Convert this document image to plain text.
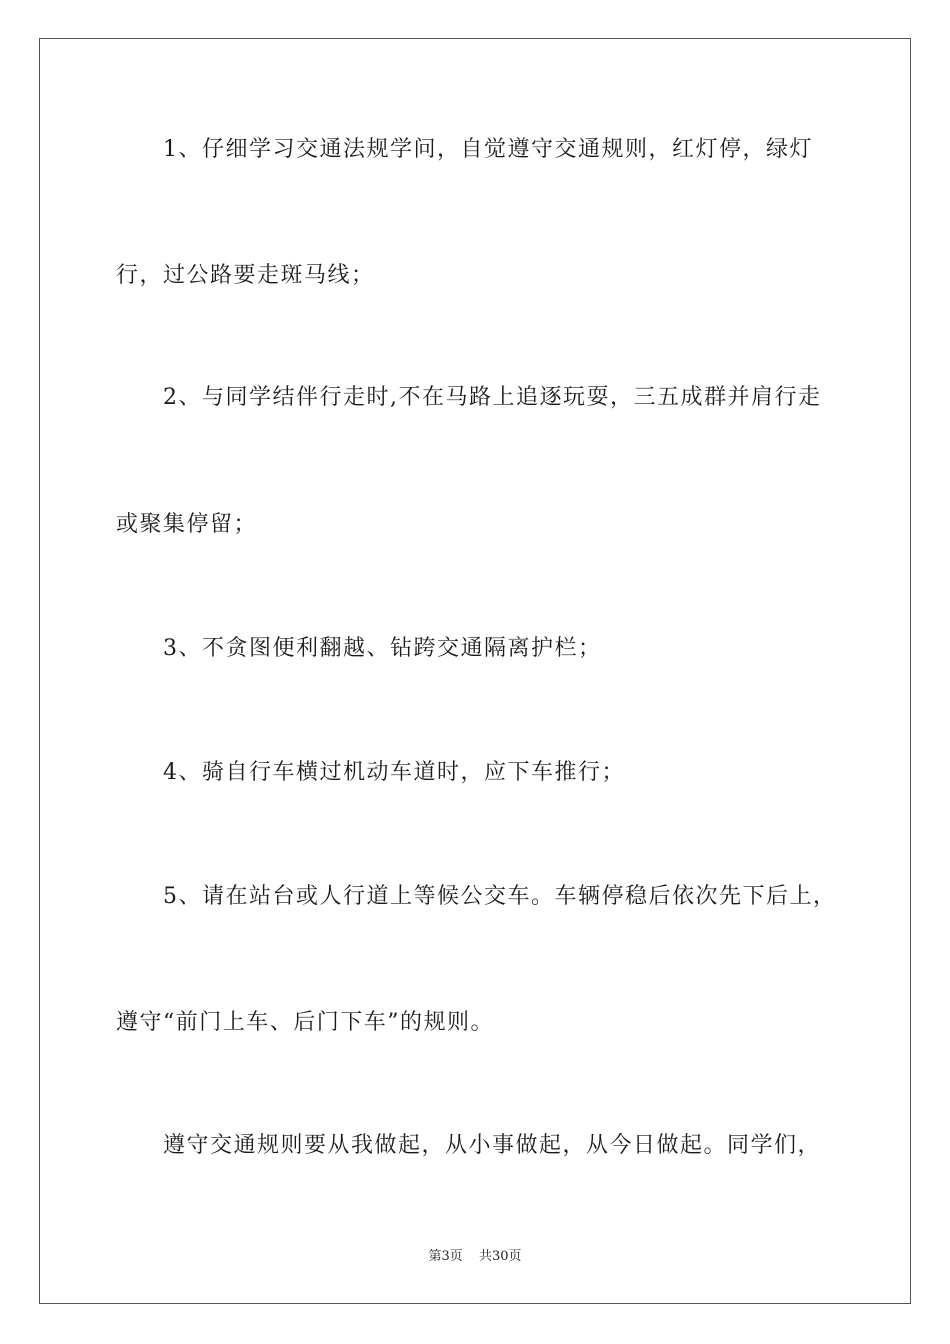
1、仔细学习交通法规学问，自觉遵守交通规则，红灯停，绿灯
行，过公路要走斑马线；
2、与同学结伴行走时,不在马路上追逐玩耍，三五成群并肩行走
或聚集停留；
3、不贪图便利翻越、钻跨交通隔离护栏；
4、骑自行车横过机动车道时，应下车推行；
5、请在站台或人行道上等候公交车。车辆停稳后依次先下后上，
遵守“前门上车、后门下车”的规则。
遵守交通规则要从我做起，从小事做起，从今日做起。同学们，
第3页 共30页
